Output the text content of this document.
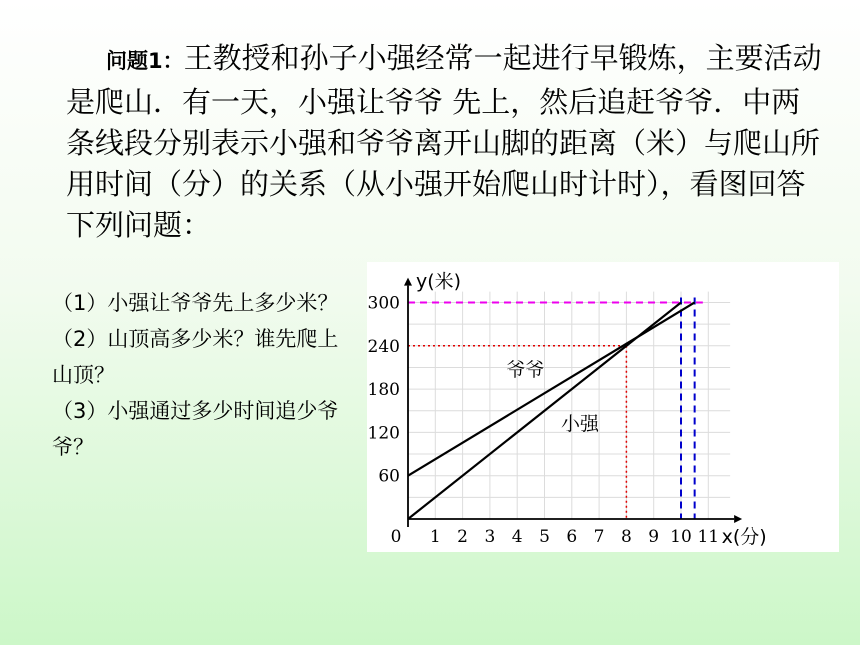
问题1：王教授和孙子小强经常一起进行早锻炼，主要活动是爬山．有一天，小强让爷爷 先上，然后追赶爷爷．中两条线段分别表示小强和爷爷离开山脚的距离（米）与爬山所用时间（分）的关系（从小强开始爬山时计时），看图回答下列问题：

（1）小强让爷爷先上多少米？

（2）山顶高多少米？谁先爬上山顶？

（3）小强通过多少时间追少爷爷？

0 1 2 3 4 5 6 7 8 9 10 11
60
120
180
240
300
x(分)
y(米)
爷爷
小强
